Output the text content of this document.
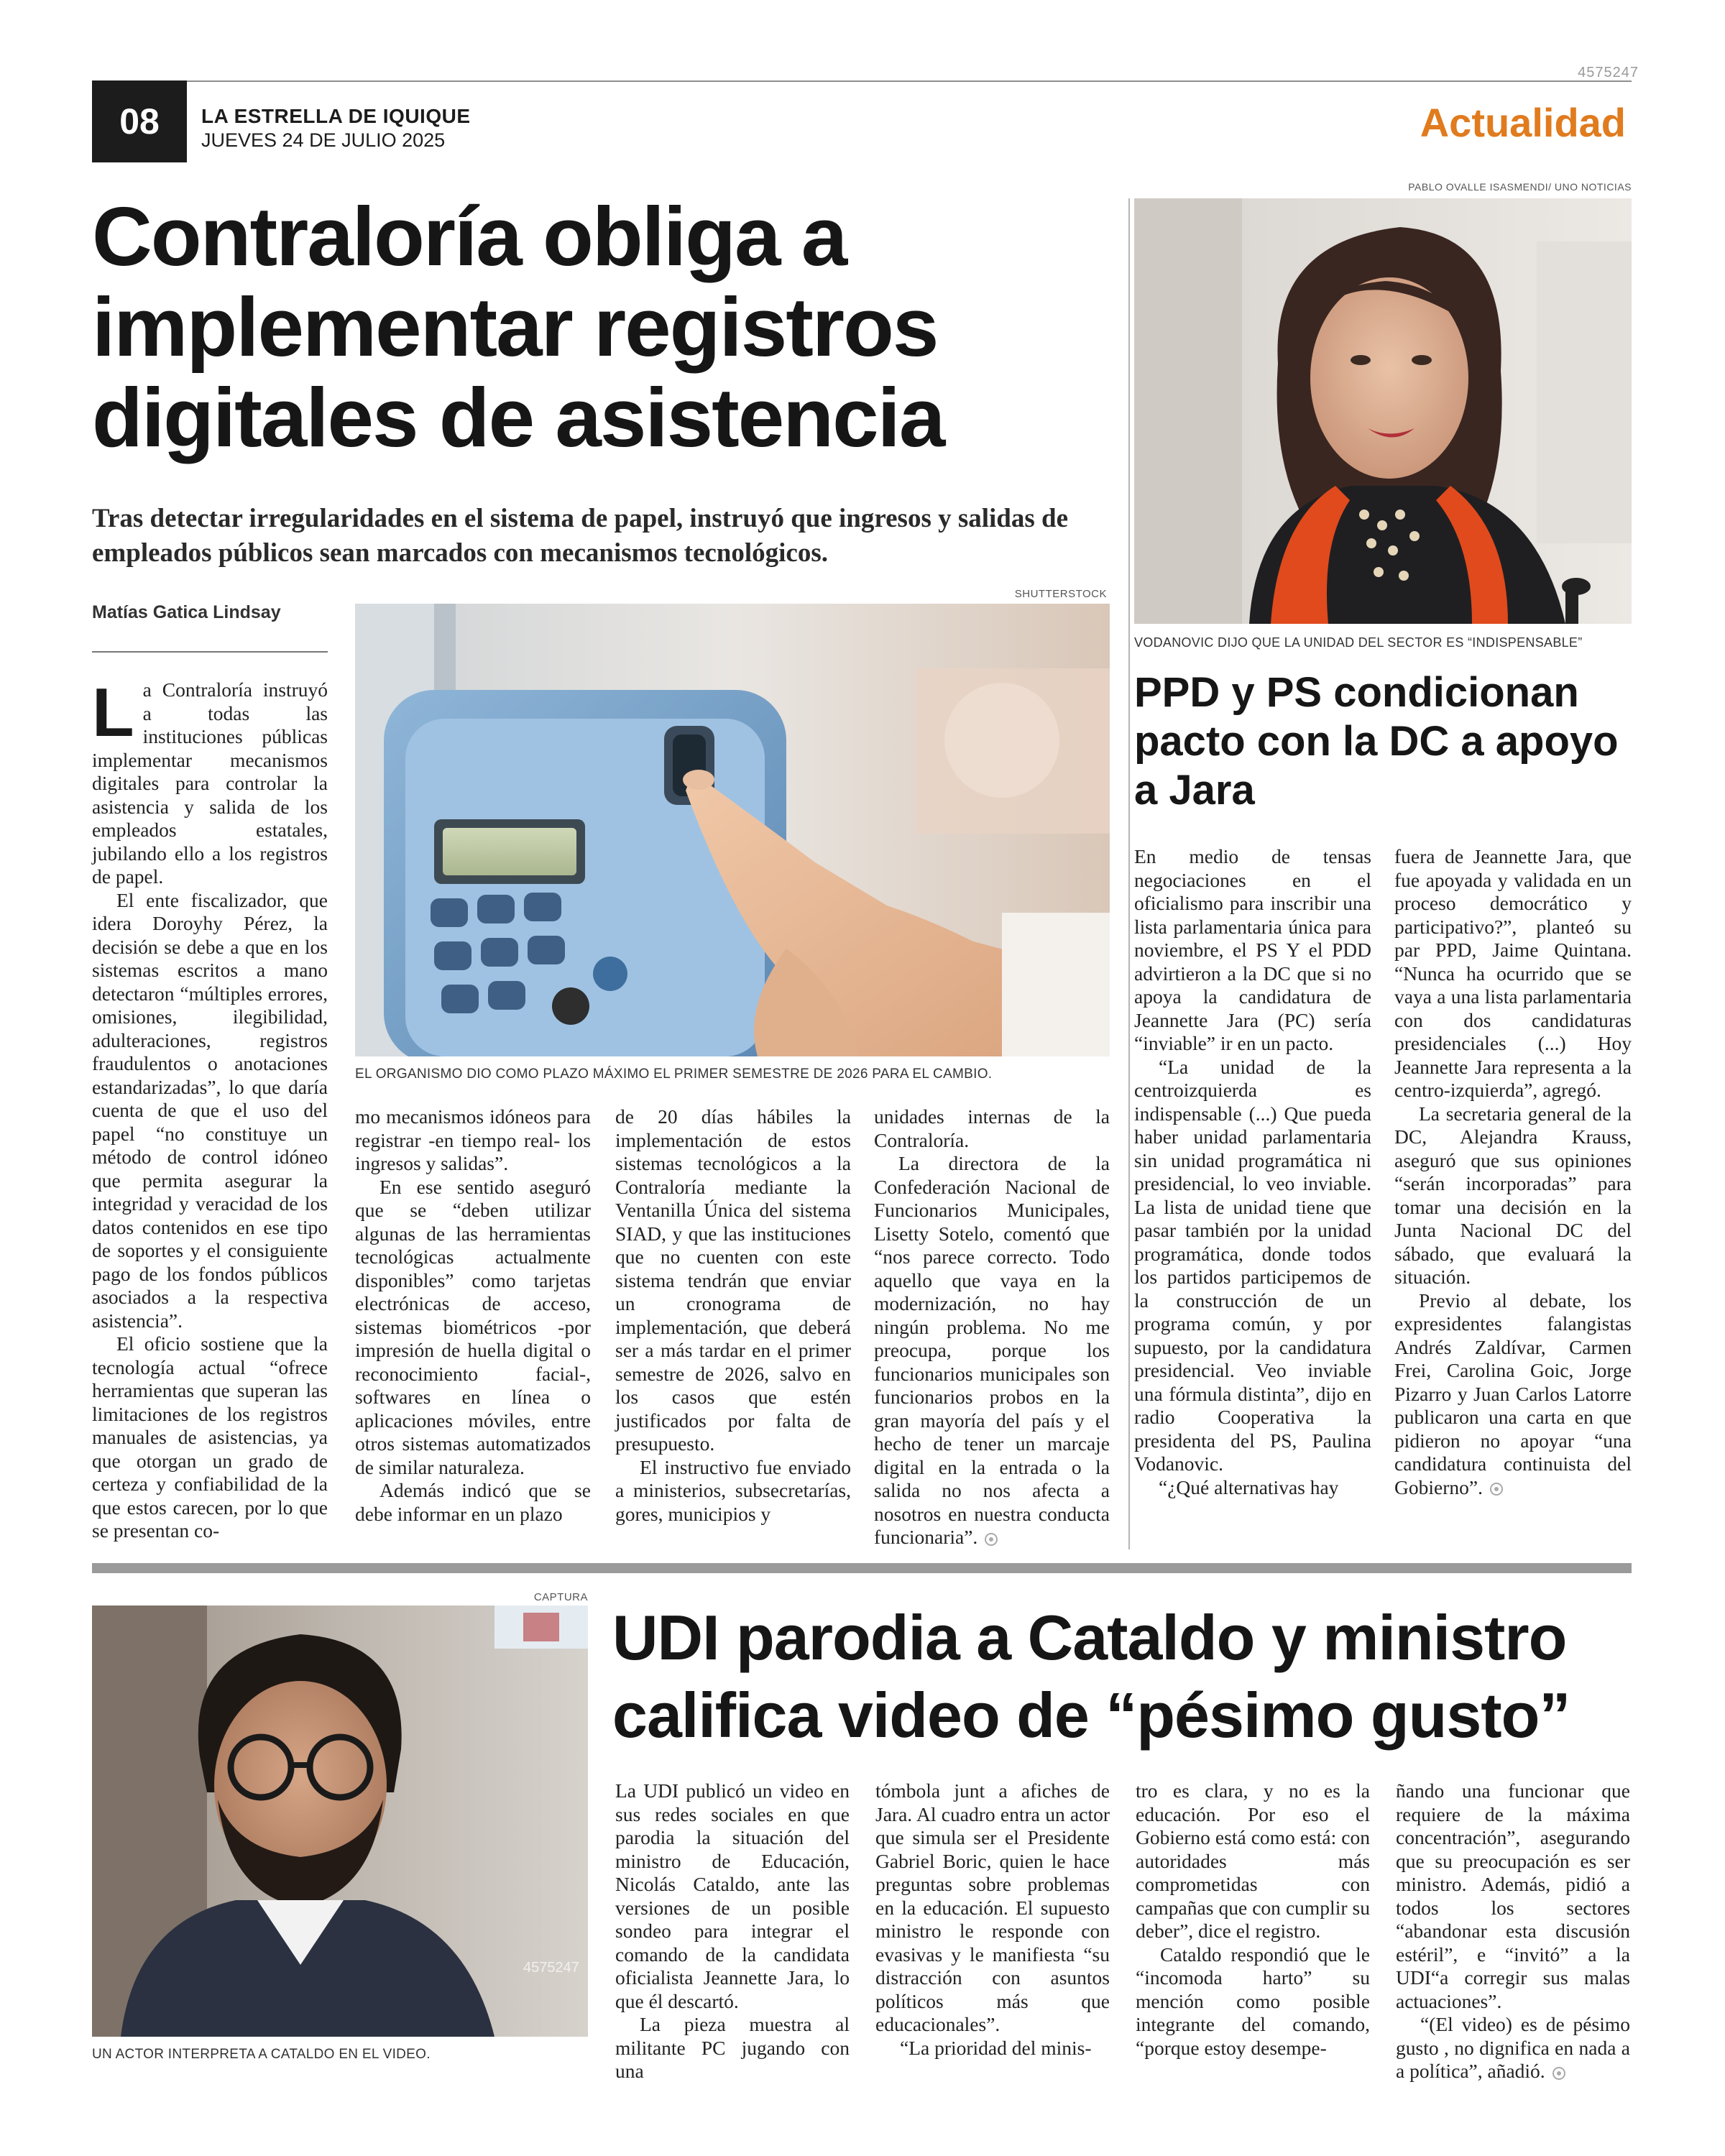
4575247
08	LA ESTRELLA DE IQUIQUE
JUEVES 24 DE JULIO 2025	Actualidad
Contraloría obliga a implementar registros digitales de asistencia
Tras detectar irregularidades en el sistema de papel, instruyó que ingresos y salidas de empleados públicos sean marcados con mecanismos tecnológicos.
Matías Gatica Lindsay
SHUTTERSTOCK
EL ORGANISMO DIO COMO PLAZO MÁXIMO EL PRIMER SEMESTRE DE 2026 PARA EL CAMBIO.

La Contraloría instruyó a todas las instituciones públicas implementar mecanismos digitales para controlar la asistencia y salida de los empleados estatales, jubilando ello a los registros de papel.

El ente fiscalizador, que idera Doroyhy Pérez, la decisión se debe a que en los sistemas escritos a mano detectaron “múltiples errores, omisiones, ilegibilidad, adulteraciones, registros fraudulentos o anotaciones estandarizadas”, lo que daría cuenta de que el uso del papel “no constituye un método de control idóneo que permita asegurar la integridad y veracidad de los datos contenidos en ese tipo de soportes y el consiguiente pago de los fondos públicos asociados a la respectiva asistencia”.

El oficio sostiene que la tecnología actual “ofrece herramientas que superan las limitaciones de los registros manuales de asistencias, ya que otorgan un grado de certeza y confiabilidad de la que estos carecen, por lo que se presentan co-

mo mecanismos idóneos para registrar -en tiempo real- los ingresos y salidas”.

En ese sentido aseguró que se “deben utilizar algunas de las herramientas tecnológicas actualmente disponibles” como tarjetas electrónicas de acceso, sistemas biométricos -por impresión de huella digital o reconocimiento facial-, softwares en línea o aplicaciones móviles, entre otros sistemas automatizados de similar naturaleza.

Además indicó que se debe informar en un plazo

de 20 días hábiles la implementación de estos sistemas tecnológicos a la Contraloría mediante la Ventanilla Única del sistema SIAD, y que las instituciones que no cuenten con este sistema tendrán que enviar un cronograma de implementación, que deberá ser a más tardar en el primer semestre de 2026, salvo en los casos que estén justificados por falta de presupuesto.

El instructivo fue enviado a ministerios, subsecretarías, gores, municipios y

unidades internas de la Contraloría.

La directora de la Confederación Nacional de Funcionarios Municipales, Lisetty Sotelo, comentó que “nos parece correcto. Todo aquello que vaya en la modernización, no hay ningún problema. No me preocupa, porque los funcionarios municipales son funcionarios probos en la gran mayoría del país y el hecho de tener un marcaje digital en la entrada o la salida no nos afecta a nosotros en nuestra conducta funcionaria”.

PABLO OVALLE ISASMENDI/ UNO NOTICIAS
VODANOVIC DIJO QUE LA UNIDAD DEL SECTOR ES “INDISPENSABLE”
PPD y PS condicionan pacto con la DC a apoyo a Jara

En medio de tensas negociaciones en el oficialismo para inscribir una lista parlamentaria única para noviembre, el PS Y el PDD advirtieron a la DC que si no apoya la candidatura de Jeannette Jara (PC) sería “inviable” ir en un pacto.

“La unidad de la centroizquierda es indispensable (...) Que pueda haber unidad parlamentaria sin unidad programática ni presidencial, lo veo inviable. La lista de unidad tiene que pasar también por la unidad programática, donde todos los partidos participemos de la construcción de un programa común, y por supuesto, por la candidatura presidencial. Veo inviable una fórmula distinta”, dijo en radio Cooperativa la presidenta del PS, Paulina Vodanovic.

“¿Qué alternativas hay

fuera de Jeannette Jara, que fue apoyada y validada en un proceso democrático y participativo?”, planteó su par PPD, Jaime Quintana. “Nunca ha ocurrido que se vaya a una lista parlamentaria con dos candidaturas presidenciales (...) Hoy Jeannette Jara representa a la centro-izquierda”, agregó.

La secretaria general de la DC, Alejandra Krauss, aseguró que sus opiniones “serán incorporadas” para tomar una decisión en la Junta Nacional DC del sábado, que evaluará la situación.

Previo al debate, los expresidentes falangistas Andrés Zaldívar, Carmen Frei, Carolina Goic, Jorge Pizarro y Juan Carlos Latorre publicaron una carta en que pidieron no apoyar “una candidatura continuista del Gobierno”.

CAPTURA
4575247
UN ACTOR INTERPRETA A CATALDO EN EL VIDEO.
UDI parodia a Cataldo y ministro califica video de “pésimo gusto”

La UDI publicó un video en sus redes sociales en que parodia la situación del ministro de Educación, Nicolás Cataldo, ante las versiones de un posible sondeo para integrar el comando de la candidata oficialista Jeannette Jara, lo que él descartó.

La pieza muestra al militante PC jugando con una

tómbola junt a afiches de Jara. Al cuadro entra un actor que simula ser el Presidente Gabriel Boric, quien le hace preguntas sobre problemas en la educación. El supuesto ministro le responde con evasivas y le manifiesta “su distracción con asuntos políticos más que educacionales”.

“La prioridad del minis-

tro es clara, y no es la educación. Por eso el Gobierno está como está: con autoridades más comprometidas con campañas que con cumplir su deber”, dice el registro.

Cataldo respondió que le “incomoda harto” su mención como posible integrante del comando, “porque estoy desempe-

ñando una funcionar que requiere de la máxima concentración”, asegurando que su preocupación es ser ministro. Además, pidió a todos los sectores “abandonar esta discusión estéril”, e “invitó” a la UDI“a corregir sus malas actuaciones”.

“(El video) es de pésimo gusto , no dignifica en nada a a política”, añadió.
